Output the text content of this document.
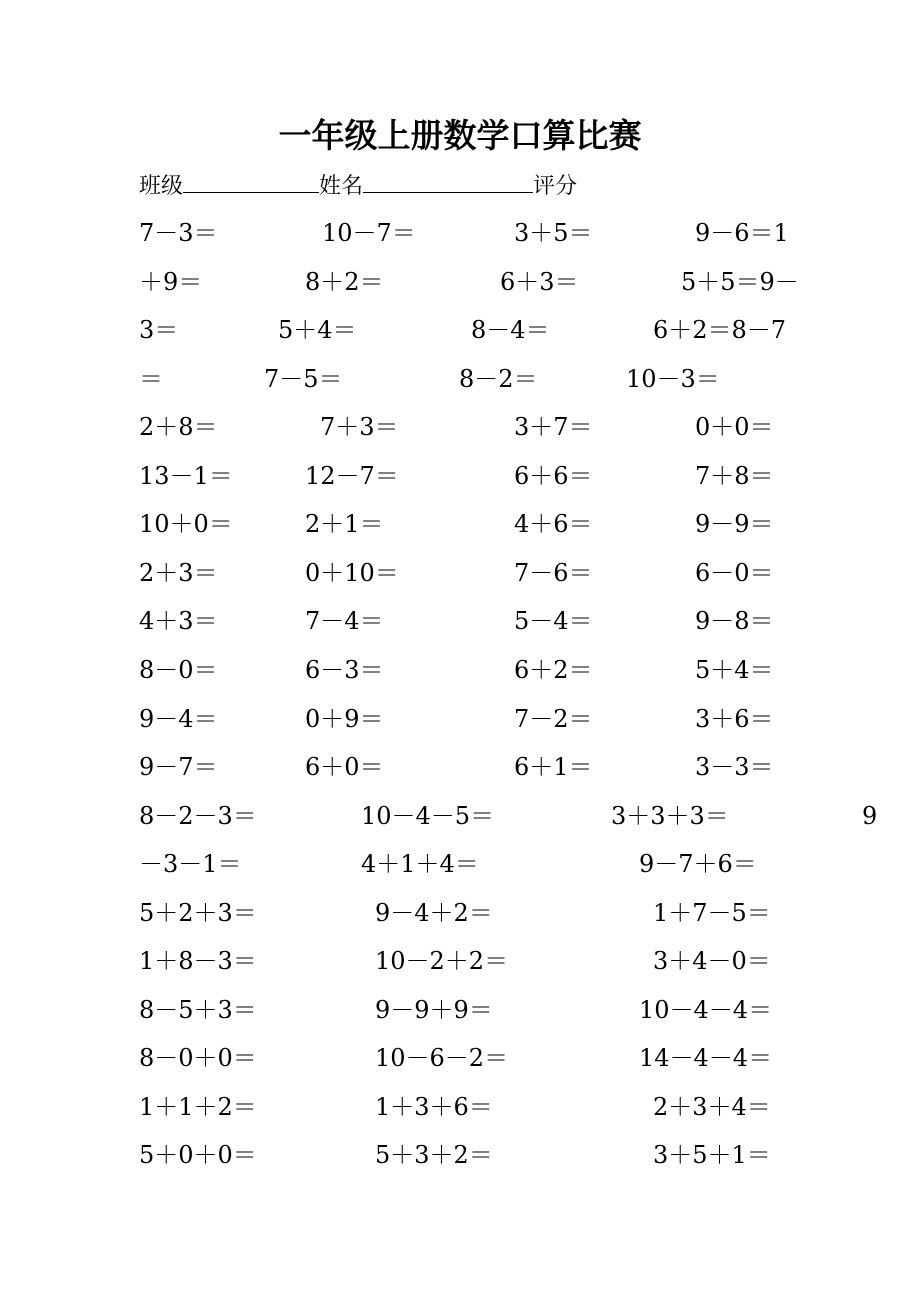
一年级上册数学口算比赛
班级	姓名	评分
7－3＝	10－7＝	3＋5＝	9－6＝1
＋9＝	8＋2＝	6＋3＝	5＋5＝9－
3＝	5＋4＝	8－4＝	6＋2＝8－7
＝	7－5＝	8－2＝	10－3＝
2＋8＝	7＋3＝	3＋7＝	0＋0＝
13－1＝	12－7＝	6＋6＝	7＋8＝
10＋0＝	2＋1＝	4＋6＝	9－9＝
2＋3＝	0＋10＝	7－6＝	6－0＝
4＋3＝	7－4＝	5－4＝	9－8＝
8－0＝	6－3＝	6＋2＝	5＋4＝
9－4＝	0＋9＝	7－2＝	3＋6＝
9－7＝	6＋0＝	6＋1＝	3－3＝
8－2－3＝	10－4－5＝	3＋3＋3＝	9
－3－1＝	4＋1＋4＝	9－7＋6＝
5＋2＋3＝	9－4＋2＝	1＋7－5＝
1＋8－3＝	10－2＋2＝	3＋4－0＝
8－5＋3＝	9－9＋9＝	10－4－4＝
8－0＋0＝	10－6－2＝	14－4－4＝
1＋1＋2＝	1＋3＋6＝	2＋3＋4＝
5＋0＋0＝	5＋3＋2＝	3＋5＋1＝
